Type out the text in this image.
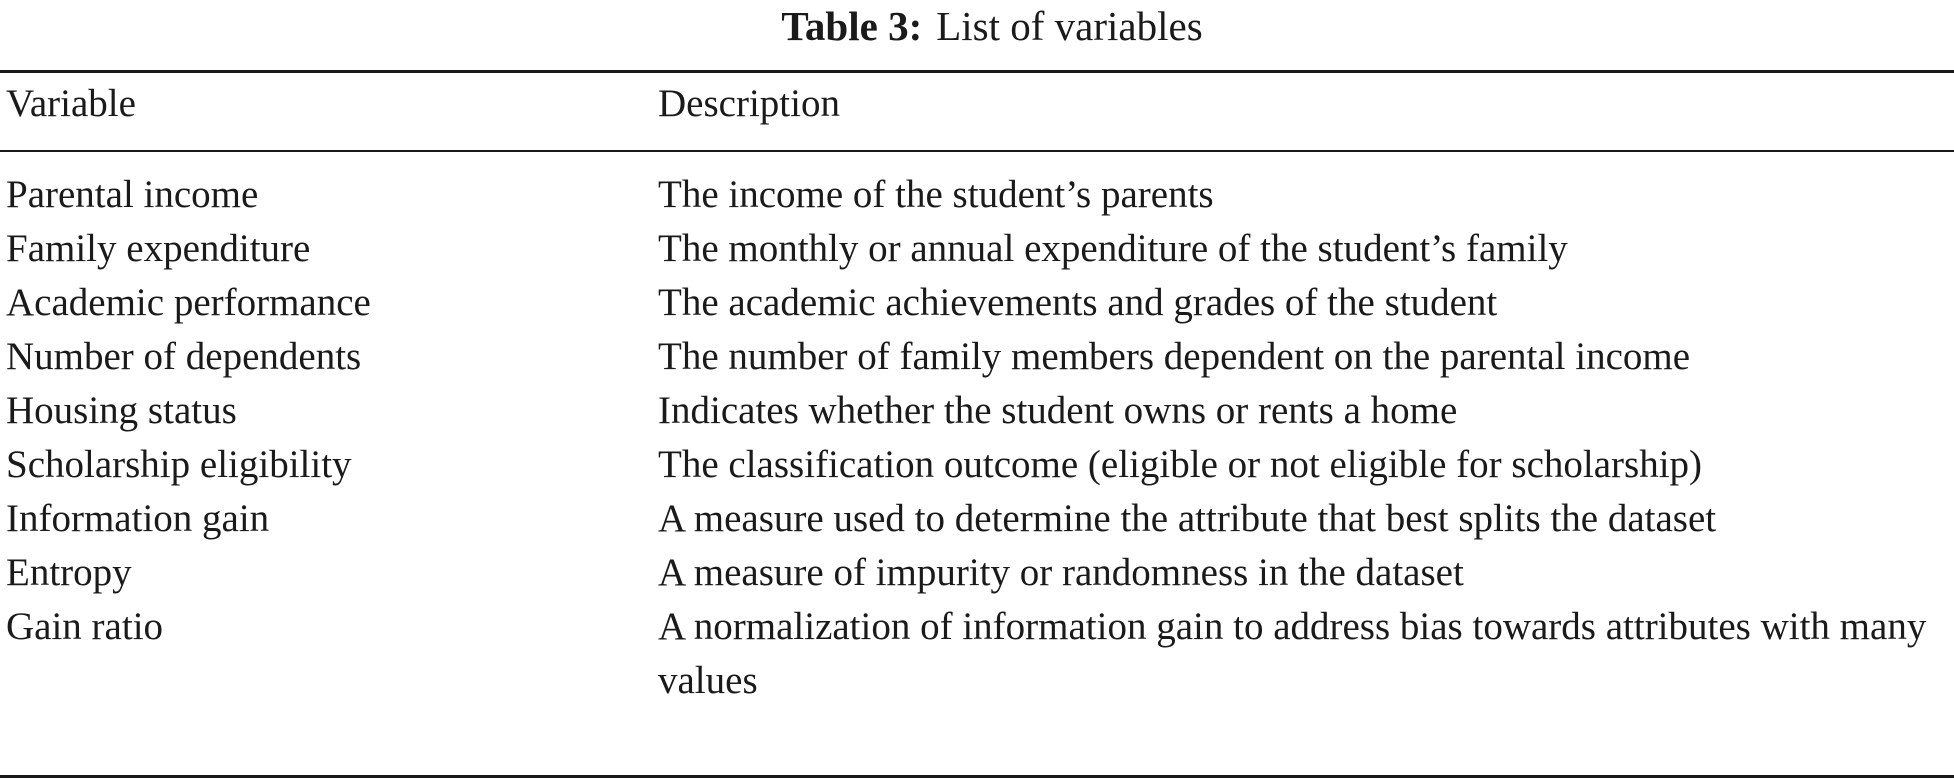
Table 3: List of variables
Variable	Description
Parental income	The income of the student’s parents
Family expenditure	The monthly or annual expenditure of the student’s family
Academic performance	The academic achievements and grades of the student
Number of dependents	The number of family members dependent on the parental income
Housing status	Indicates whether the student owns or rents a home
Scholarship eligibility	The classification outcome (eligible or not eligible for scholarship)
Information gain	A measure used to determine the attribute that best splits the dataset
Entropy	A measure of impurity or randomness in the dataset
Gain ratio	A normalization of information gain to address bias towards attributes with many values
